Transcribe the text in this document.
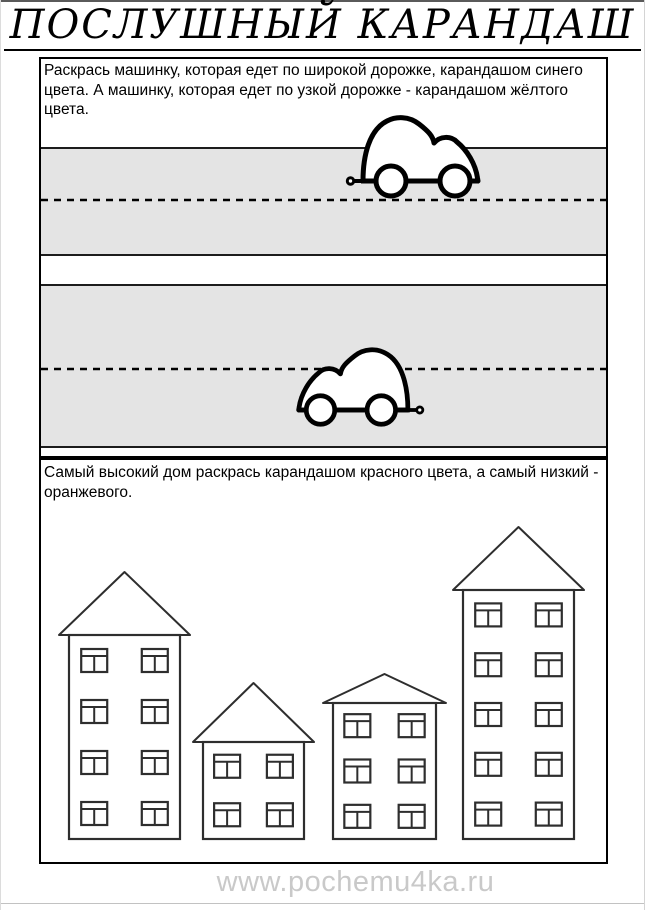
ПОСЛУШНЫЙ КАРАНДАШ

Раскрась машинку, которая едет по широкой дорожке, карандашом синего цвета. А машинку, которая едет по узкой дорожке - карандашом жёлтого цвета.

Самый высокий дом раскрась карандашом красного цвета, а самый низкий - оранжевого.

www.pochemu4ka.ru
